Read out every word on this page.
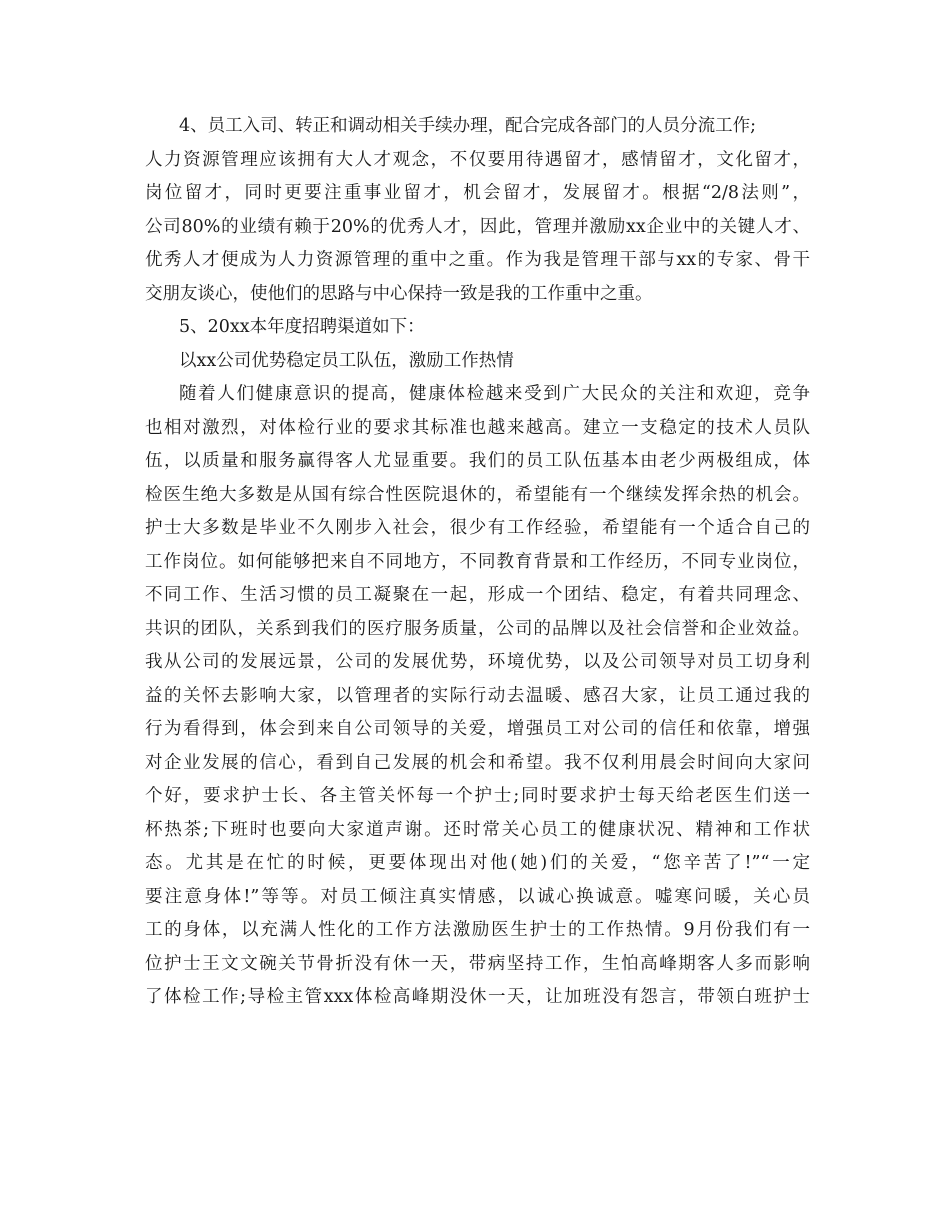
4、员工入司、转正和调动相关手续办理，配合完成各部门的人员分流工作;
人力资源管理应该拥有大人才观念，不仅要用待遇留才，感情留才，文化留才，
岗位留才，同时更要注重事业留才，机会留才，发展留才。根据“2/8法则”，
公司80%的业绩有赖于20%的优秀人才，因此，管理并激励xx企业中的关键人才、
优秀人才便成为人力资源管理的重中之重。作为我是管理干部与xx的专家、骨干
交朋友谈心，使他们的思路与中心保持一致是我的工作重中之重。
5、20xx本年度招聘渠道如下：
以xx公司优势稳定员工队伍，激励工作热情
随着人们健康意识的提高，健康体检越来受到广大民众的关注和欢迎，竞争
也相对激烈，对体检行业的要求其标准也越来越高。建立一支稳定的技术人员队
伍，以质量和服务赢得客人尤显重要。我们的员工队伍基本由老少两极组成，体
检医生绝大多数是从国有综合性医院退休的，希望能有一个继续发挥余热的机会。
护士大多数是毕业不久刚步入社会，很少有工作经验，希望能有一个适合自己的
工作岗位。如何能够把来自不同地方，不同教育背景和工作经历，不同专业岗位，
不同工作、生活习惯的员工凝聚在一起，形成一个团结、稳定，有着共同理念、
共识的团队，关系到我们的医疗服务质量，公司的品牌以及社会信誉和企业效益。
我从公司的发展远景，公司的发展优势，环境优势，以及公司领导对员工切身利
益的关怀去影响大家，以管理者的实际行动去温暖、感召大家，让员工通过我的
行为看得到，体会到来自公司领导的关爱，增强员工对公司的信任和依靠，增强
对企业发展的信心，看到自己发展的机会和希望。我不仅利用晨会时间向大家问
个好，要求护士长、各主管关怀每一个护士;同时要求护士每天给老医生们送一
杯热茶;下班时也要向大家道声谢。还时常关心员工的健康状况、精神和工作状
态。尤其是在忙的时候，更要体现出对他(她)们的关爱，“您辛苦了!”“一定
要注意身体!”等等。对员工倾注真实情感，以诚心换诚意。嘘寒问暖，关心员
工的身体，以充满人性化的工作方法激励医生护士的工作热情。9月份我们有一
位护士王文文碗关节骨折没有休一天，带病坚持工作，生怕高峰期客人多而影响
了体检工作;导检主管xxx体检高峰期没休一天，让加班没有怨言，带领白班护士
